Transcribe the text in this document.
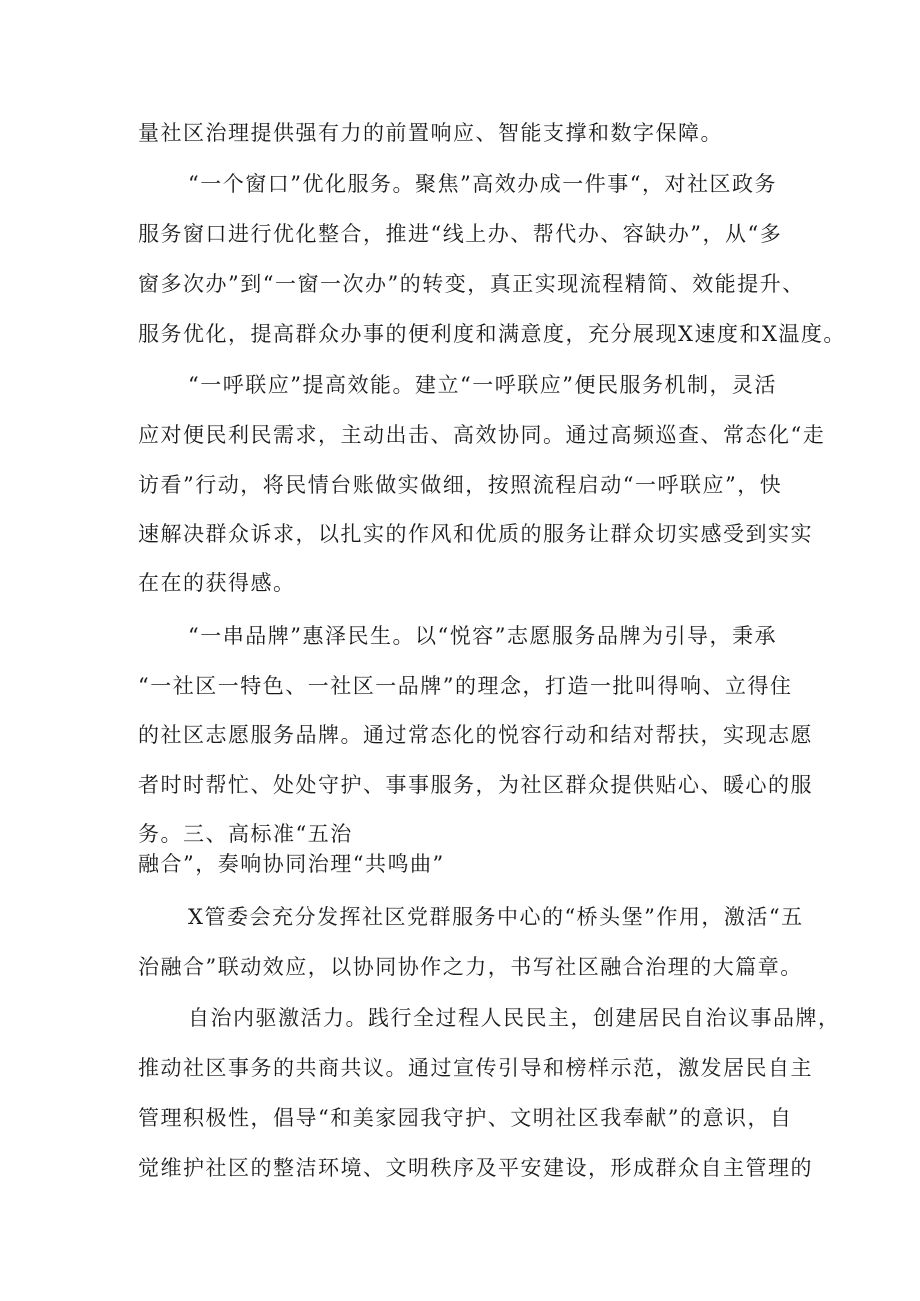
量社区治理提供强有力的前置响应、智能支撑和数字保障。
“一个窗口”优化服务。聚焦”高效办成一件事“，对社区政务
服务窗口进行优化整合，推进“线上办、帮代办、容缺办”，从“多
窗多次办”到“一窗一次办”的转变，真正实现流程精简、效能提升、
服务优化，提高群众办事的便利度和满意度，充分展现X速度和X温度。
“一呼联应”提高效能。建立“一呼联应”便民服务机制，灵活
应对便民利民需求，主动出击、高效协同。通过高频巡查、常态化“走
访看”行动，将民情台账做实做细，按照流程启动“一呼联应”，快
速解决群众诉求，以扎实的作风和优质的服务让群众切实感受到实实
在在的获得感。
“一串品牌”惠泽民生。以“悦容”志愿服务品牌为引导，秉承
“一社区一特色、一社区一品牌”的理念，打造一批叫得响、立得住
的社区志愿服务品牌。通过常态化的悦容行动和结对帮扶，实现志愿
者时时帮忙、处处守护、事事服务，为社区群众提供贴心、暖心的服
务。三、高标准“五治
融合”，奏响协同治理“共鸣曲”
X管委会充分发挥社区党群服务中心的“桥头堡”作用，激活“五
治融合”联动效应，以协同协作之力，书写社区融合治理的大篇章。
自治内驱激活力。践行全过程人民民主，创建居民自治议事品牌，
推动社区事务的共商共议。通过宣传引导和榜样示范，激发居民自主
管理积极性，倡导“和美家园我守护、文明社区我奉献”的意识，自
觉维护社区的整洁环境、文明秩序及平安建设，形成群众自主管理的
